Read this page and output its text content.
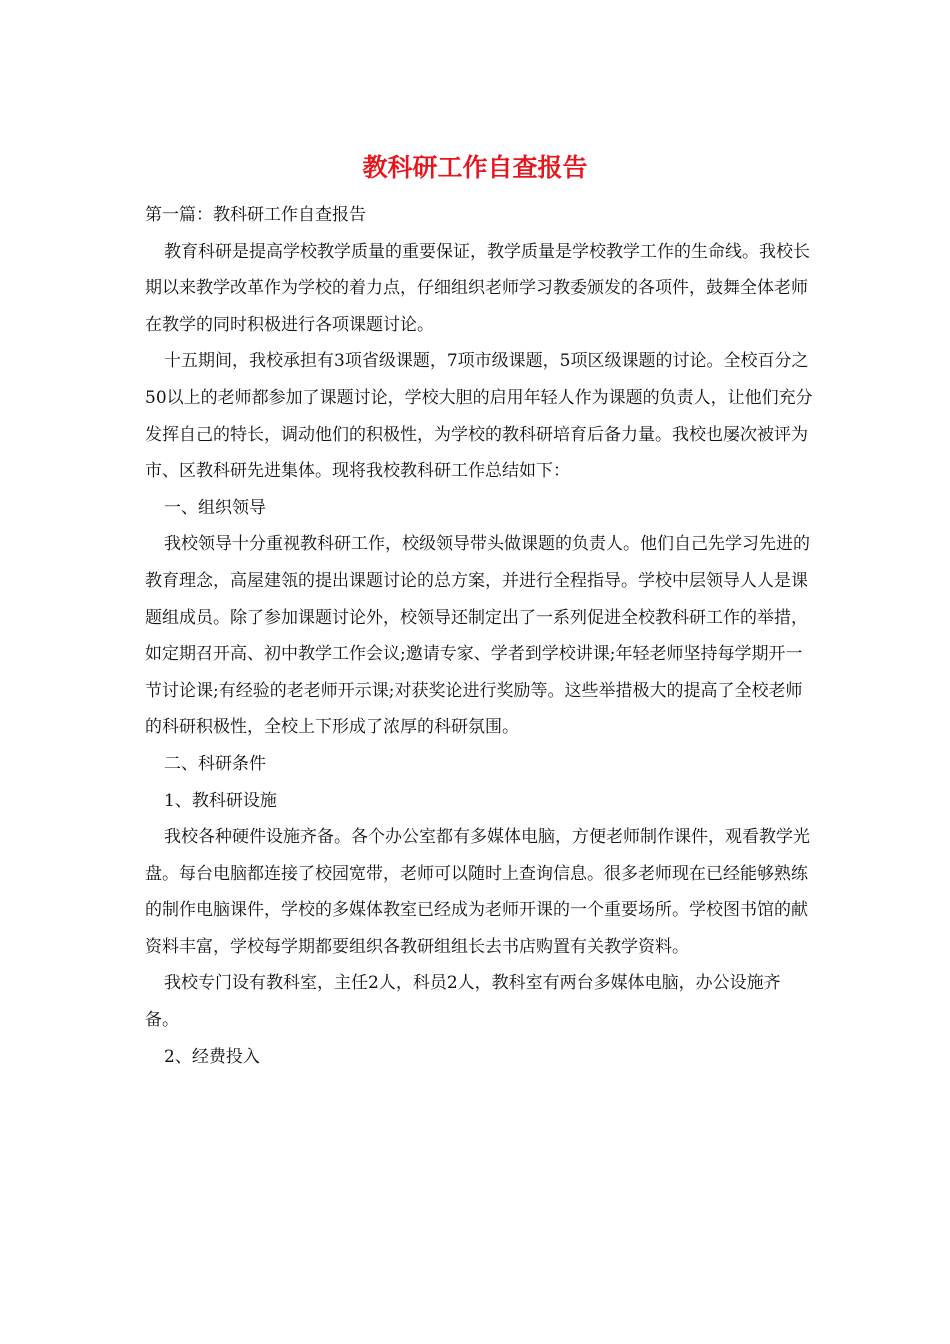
教科研工作自查报告

第一篇：教科研工作自查报告

教育科研是提高学校教学质量的重要保证，教学质量是学校教学工作的生命线。我校长期以来教学改革作为学校的着力点，仔细组织老师学习教委颁发的各项件，鼓舞全体老师在教学的同时积极进行各项课题讨论。

十五期间，我校承担有3项省级课题，7项市级课题，5项区级课题的讨论。全校百分之50以上的老师都参加了课题讨论，学校大胆的启用年轻人作为课题的负责人，让他们充分发挥自己的特长，调动他们的积极性，为学校的教科研培育后备力量。我校也屡次被评为市、区教科研先进集体。现将我校教科研工作总结如下：

一、组织领导

我校领导十分重视教科研工作，校级领导带头做课题的负责人。他们自己先学习先进的教育理念，高屋建瓴的提出课题讨论的总方案，并进行全程指导。学校中层领导人人是课题组成员。除了参加课题讨论外，校领导还制定出了一系列促进全校教科研工作的举措，如定期召开高、初中教学工作会议;邀请专家、学者到学校讲课;年轻老师坚持每学期开一节讨论课;有经验的老老师开示课;对获奖论进行奖励等。这些举措极大的提高了全校老师的科研积极性，全校上下形成了浓厚的科研氛围。

二、科研条件

1、教科研设施

我校各种硬件设施齐备。各个办公室都有多媒体电脑，方便老师制作课件，观看教学光盘。每台电脑都连接了校园宽带，老师可以随时上查询信息。很多老师现在已经能够熟练的制作电脑课件，学校的多媒体教室已经成为老师开课的一个重要场所。学校图书馆的献资料丰富，学校每学期都要组织各教研组组长去书店购置有关教学资料。

我校专门设有教科室，主任2人，科员2人，教科室有两台多媒体电脑，办公设施齐备。

2、经费投入
